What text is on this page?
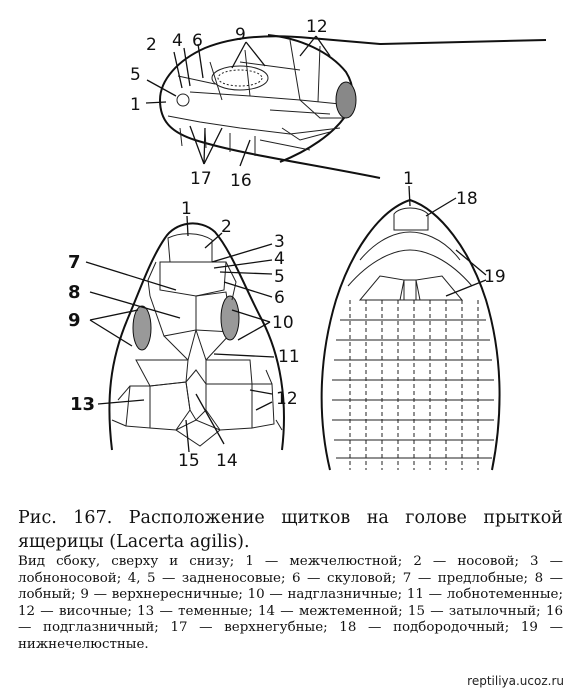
2 4 6 9	12
5
1
17 16
1
2
3
4
5
6
7
8
9	10
11
12
13
14
15
1
18
19
Рис. 167. Расположение щитков на голове прыткой ящерицы (Lacerta agilis).
Вид сбоку, сверху и снизу; 1 — межчелюстной; 2 — носовой; 3 — лобноносовой; 4, 5 — задненосовые; 6 — скуловой; 7 — предлобные; 8 — лобный; 9 — верхнересничные; 10 — надглазничные; 11 — лобнотеменные; 12 — височные; 13 — теменные; 14 — межтеменной; 15 — затылочный; 16 — подглазничный; 17 — верхнегубные; 18 — подбородочный; 19 — нижнечелюстные.
reptiliya.ucoz.ru
